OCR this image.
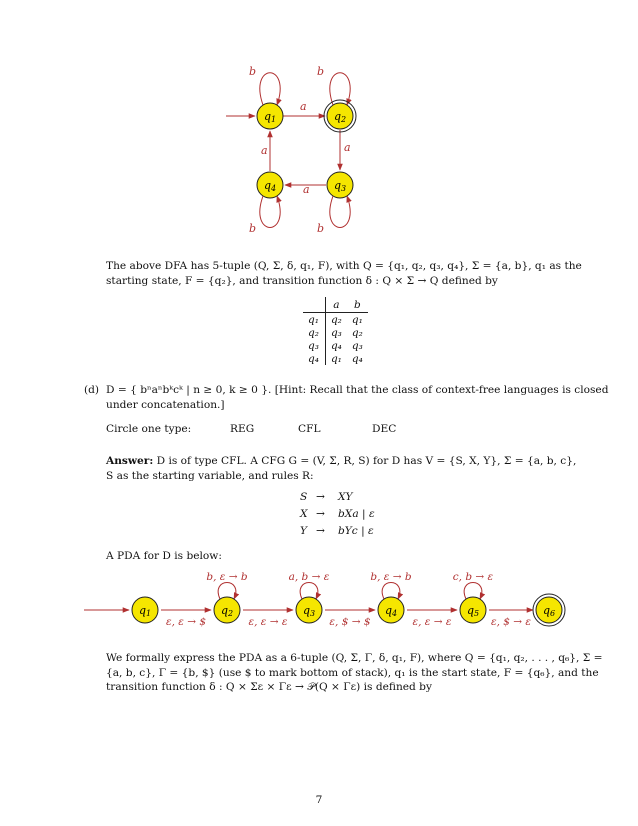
q1	q2
q3
q4
b	b
a
a
a
a
b	b
The above DFA has 5-tuple (Q, Σ, δ, q₁, F), with Q = {q₁, q₂, q₃, q₄}, Σ = {a, b}, q₁ as the
starting state, F = {q₂}, and transition function δ : Q × Σ → Q defined by
	a	b
q₁	q₂	q₁
q₂	q₃	q₂
q₃	q₄	q₃
q₄	q₁	q₄
(d) D = { bⁿaⁿbᵏcᵏ | n ≥ 0, k ≥ 0 }. [Hint: Recall that the class of context-free languages is closed
under concatenation.]
Circle one type:	REG	CFL	DEC
Answer: D is of type CFL. A CFG G = (V, Σ, R, S) for D has V = {S, X, Y}, Σ = {a, b, c},
S as the starting variable, and rules R:
S →	XY
X →	bXa | ε
Y →	bYc | ε
A PDA for D is below:
q1	q2	q3	q4	q5	q6
b, ε → b	a, b → ε	b, ε → b	c, b → ε
ε, ε → $	ε, ε → ε	ε, $ → $	ε, ε → ε	ε, $ → ε
We formally express the PDA as a 6-tuple (Q, Σ, Γ, δ, q₁, F), where Q = {q₁, q₂, . . . , q₆}, Σ =
{a, b, c}, Γ = {b, $} (use $ to mark bottom of stack), q₁ is the start state, F = {q₆}, and the
transition function δ : Q × Σε × Γε → 𝒫(Q × Γε) is defined by
7
